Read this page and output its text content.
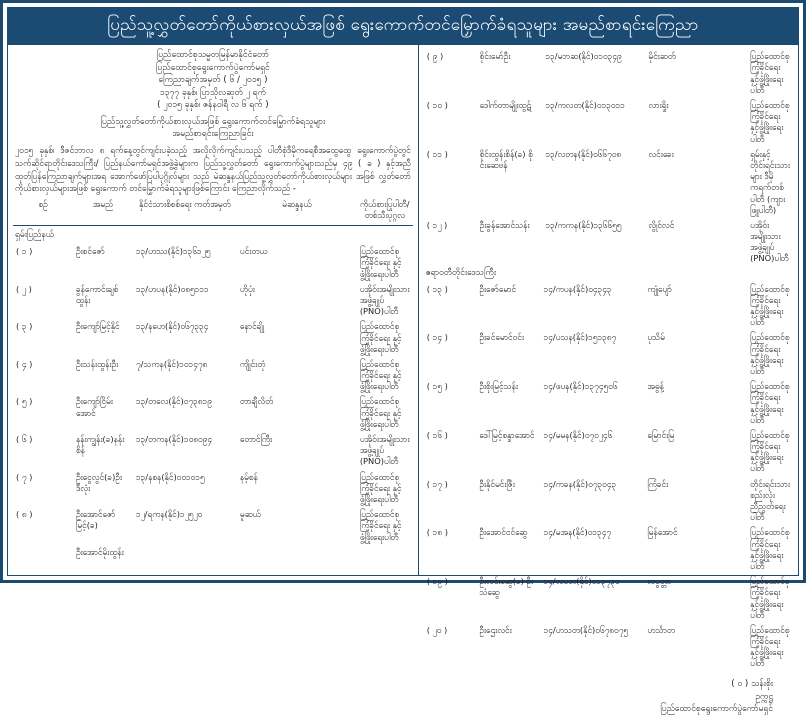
ပြည်သူ့လွှတ်တော်ကိုယ်စားလှယ်အဖြစ် ရွေးကောက်တင်မြှောက်ခံရသူများ အမည်စာရင်းကြေညာ
ပြည်ထောင်စုသမ္မတမြန်မာနိုင်ငံတော်
ပြည်ထောင်စုရွေးကောက်ပွဲကော်မရှင်
ကြေညာချက်အမှတ် ( ၆ / ၂၀၁၅ )
၁၃၇၇ ခုနှစ်၊ ပြာသိုလဆုတ် ၂ ရက်
( ၂၀၁၅ ခုနှစ်၊ ဇန်နဝါရီ လ ၆ ရက် )
ပြည်သူ့လွှတ်တော်ကိုယ်စားလှယ်အဖြစ် ရွေးကောက်တင်မြှောက်ခံရသူများ
အမည်စာရင်းကြေညာခြင်း
၂၀၁၅ ခုနှစ်၊ ဒီဇင်ဘာလ ၈ ရက်နေ့တွင်ကျင်းပခဲ့သည့် အလိုလိုက်ကျင်းပသည့် ပါတီစုံဒီမိုကရေစီအထွေထွေ ရွေးကောက်ပွဲတွင် သက်ဆိုင်ရာတိုင်းဒေသကြီး/ ပြည်နယ်ကော်မရှင်အဖွဲ့ခွဲများက ပြည်သူ့လွှတ်တော် ရွေးကောက်ပွဲများသည်မှ ၄၉ ( ခ ) နှင့်အညီ ထုတ်ပြန်ကြေညာချက်များအရ အောက်ဖော်ပြပါပုဂ္ဂိုလ်များ သည် မဲဆန္ဒနယ်ပြည်သူ့လွှတ်တော်ကိုယ်စားလှယ်များ အဖြစ် လွှတ်တော်ကိုယ်စားလှယ်များအဖြစ် ရွေးကောက် တင်မြှောက်ခံရသူများဖြစ်ကြောင်း ကြေညာလိုက်သည် -
စဉ်	အမည်	နိုင်ငံသားစိစစ်ရေး ကတ်အမှတ်	မဲဆန္ဒနယ်	ကိုယ်စားပြုပါတီ/ တစ်သီးပုဂ္ဂလ
ရှမ်းပြည်နယ်
( ၁ )	ဦးစင်ဇော်	၁၃/ဟဿ(နိုင်)၁၃၆၁၂၅	ပင်းတယ	ပြည်ထောင်စုကြံ့ခိုင်ရေး နှင့်ဖွံ့ဖြိုးရေးပါတီ
( ၂ )	ခွန်ကောင်းချစ်ထွန်း	၁၃/ဟပန(နိုင်)၀၈၅၁၁၁	ဟိုပုံး	ပအိုဝ်းအမျိုးသားအဖွဲ့ချုပ် (PNO)ပါတီ
( ၃ )	ဦးကျော်မြင့်နိုင်	၁၃/နဟေ(နိုင်)၀၆၇၃၃၄	နောင်ချို	ပြည်ထောင်စုကြံ့ခိုင်ရေး နှင့်ဖွံ့ဖြိုးရေးပါတီ
( ၄ )	ဦးသန်းထွန်းဦး	၇/သကန(နိုင်)၁၀၁၄၇၈	ကျိုင်းတုံ	ပြည်ထောင်စုကြံ့ခိုင်ရေး နှင့်ဖွံ့ဖြိုးရေးပါတီ
( ၅ )	ဦးကျော်ငြိမ်းအောင်	၁၃/တလေ(နိုင်)၀၇၃၈၁၉	တာချီလိတ်	ပြည်ထောင်စုကြံ့ခိုင်ရေး နှင့်ဖွံ့ဖြိုးရေးပါတီ
( ၆ )	နန်းကျွန်း(ခ)နန်းစိန်	၁၃/တကန(နိုင်)၁၀၈၀၉၄	တောင်ကြီး	ပအိုဝ်းအမျိုးသားအဖွဲ့ချုပ် (PNO)ပါတီ
( ၇ )	ဦးငွေလွင်(ခ)ဦးဒီလုံး	၁၃/နစန(နိုင်)၀၀၁၀၁၅	နမ့်စန်	ပြည်ထောင်စုကြံ့ခိုင်ရေး နှင့်ဖွံ့ဖြိုးရေးပါတီ
( ၈ )	ဦးအောင်ဇော်မြင့်(ခ)	၁၂/ရကန(နိုင်)၁၂၅၂၀	မူဆယ်	ပြည်ထောင်စုကြံ့ခိုင်ရေး နှင့်ဖွံ့ဖြိုးရေးပါတီ
	ဦးအောင်မိုးထွန်း			
( ၉ )	စိုင်းမော်ဦး	၁၃/မဘဆ(နိုင်)၀၁၀၃၄၉	မိုင်းဆတ်	ပြည်ထောင်စုကြံ့ခိုင်ရေး နှင့်ဖွံ့ဖြိုးရေးပါတီ
( ၁၀ )	ဒေါက်တာမျိုးထွဋ်	၁၃/ကလတ(နိုင်)၀၁၃၀၁၁	လားရှိုး	ပြည်ထောင်စုကြံ့ခိုင်ရေး နှင့်ဖွံ့ဖြိုးရေးပါတီ
( ၁၁ )	စိုင်းထွန်းစိန်(ခ) စိုင်းဆေဗန်	၁၃/လတန(နိုင်)၀၆၆၇၀၈	လင်းခေး	ရှမ်းနှင့်တိုင်းရင်းသားများ ဒီမိုကရက်တစ်ပါတီ (ကျားဖြူပါတီ)
( ၁၂ )	ဦးခွန်အောင်သန်း	၁၃/ကကန(နိုင်)၁၃၆၆၅၅	လွိုင်လင်	ပအိုဝ်းအမျိုးသားအဖွဲ့ချုပ် (PNO)ပါတီ
ဧရာဝတီတိုင်းဒေသကြီး
( ၁၃ )	ဦးဇော်မောင်	၁၄/ကပန(နိုင်)၀၄၃၄၃	ကျုံပျော်	ပြည်ထောင်စုကြံ့ခိုင်ရေး နှင့်ဖွံ့ဖြိုးရေးပါတီ
( ၁၄ )	ဦးခင်မောင်ဝင်း	၁၄/ပသန(နိုင်)၁၅၁၃၈၇	ပုသိမ်	ပြည်ထောင်စုကြံ့ခိုင်ရေး နှင့်ဖွံ့ဖြိုးရေးပါတီ
( ၁၅ )	ဦးစိုးမြင့်သန်း	၁၄/ဖပန(နိုင်)၁၃၇၄၅၀၆	အဓွန့်	ပြည်ထောင်စုကြံ့ခိုင်ရေး နှင့်ဖွံ့ဖြိုးရေးပါတီ
( ၁၆ )	ဒေါ်မြင့်စန္ဒာအောင်	၁၄/မမန(နိုင်)၀၇၀၂၄၆	မြောင်းမြ	ပြည်ထောင်စုကြံ့ခိုင်ရေး နှင့်ဖွံ့ဖြိုးရေးပါတီ
( ၁၇ )	ဦးနိုင်မင်းဇြီး	၁၄/ကခန(နိုင်)၀၇၃၀၄၃	ကြံခင်း	တိုင်းရင်းသားစည်းလုံး ညီညွတ်ရေးပါတီ
( ၁၈ )	ဦးအောင်ငင်ဆွေ	၁၄/မအန(နိုင်)၀၁၃၄၇	မြန်အောင်	ပြည်ထောင်စုကြံ့ခိုင်ရေး နှင့်ဖွံ့ဖြိုးရေးပါတီ
( ၁၉ )	ဦးလင်းဆွေ(ခ) ဦးသံဆွေ	၁၄/လပတ(နိုင်)၀၁၃၇၃၀	လပွတ္တာ	ပြည်ထောင်စုကြံ့ခိုင်ရေး နှင့်ဖွံ့ဖြိုးရေးပါတီ
( ၂၀ )	ဦးဌေးလင်း	၁၄/ဟသတ(နိုင်)၀၆၇၈၀၇၅	ဟင်္သာတ	ပြည်ထောင်စုကြံ့ခိုင်ရေး နှင့်ဖွံ့ဖြိုးရေးပါတီ
( ၀ ) သန်းစိုး
ဥက္ကဋ္ဌ
ပြည်ထောင်စုရွေးကောက်ပွဲကော်မရှင်
